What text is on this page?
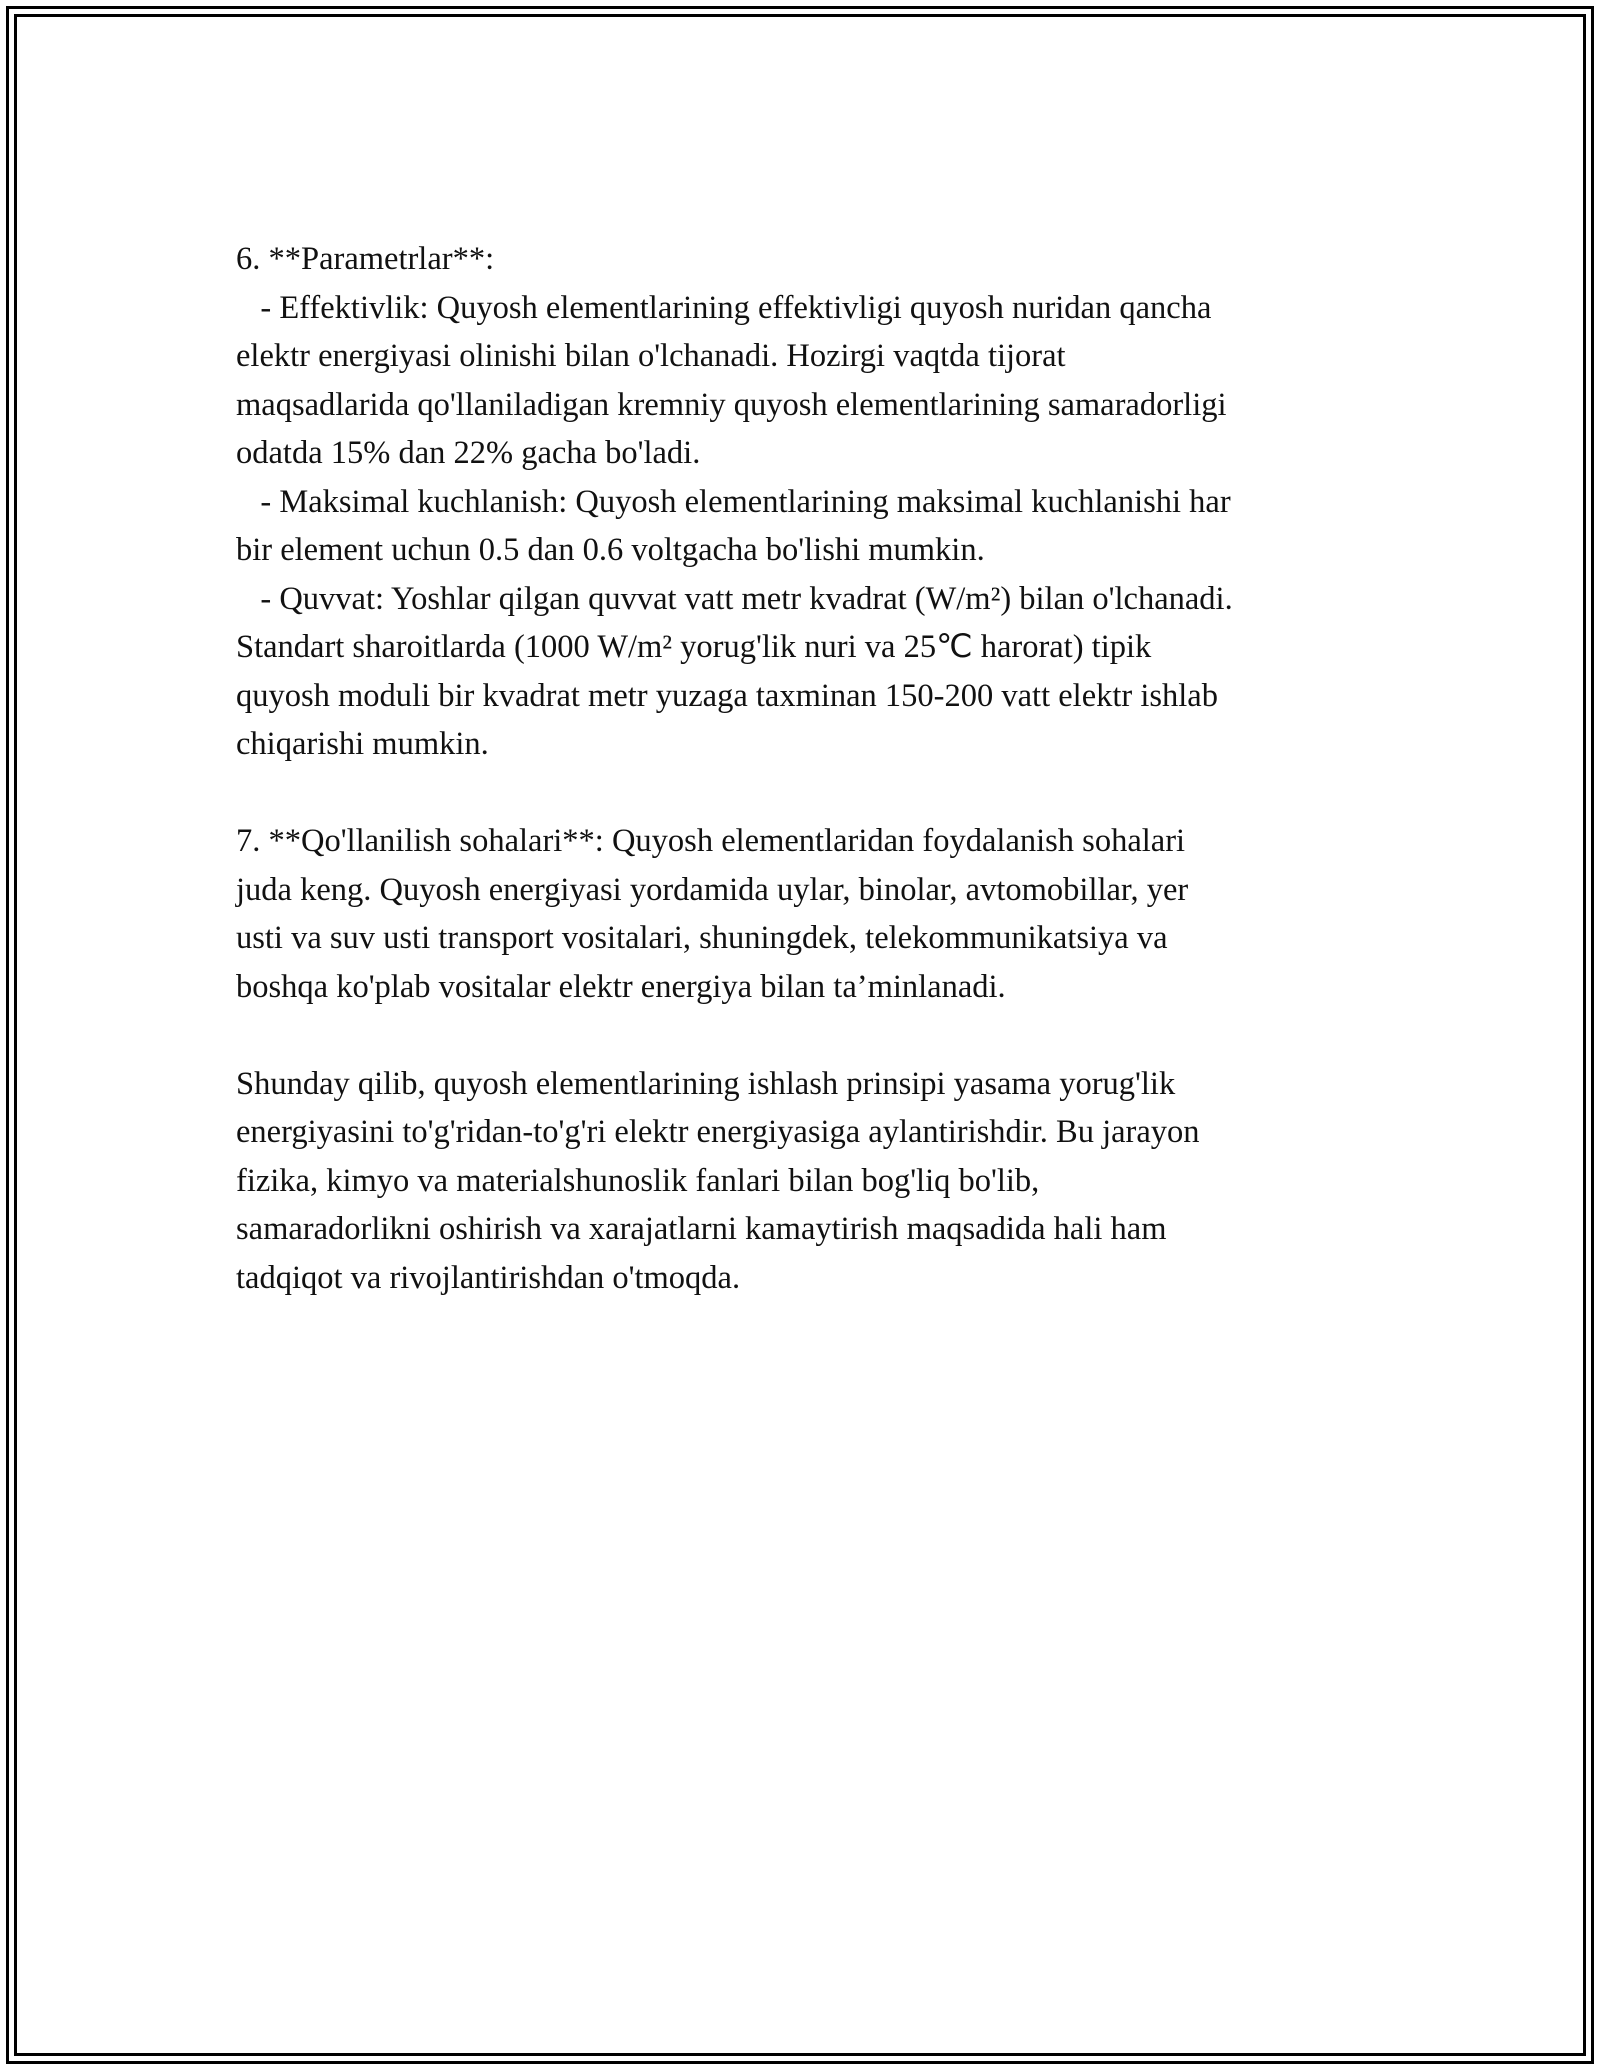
6. **Parametrlar**:

- Effektivlik: Quyosh elementlarining effektivligi quyosh nuridan qancha

elektr energiyasi olinishi bilan o'lchanadi. Hozirgi vaqtda tijorat

maqsadlarida qo'llaniladigan kremniy quyosh elementlarining samaradorligi

odatda 15% dan 22% gacha bo'ladi.

- Maksimal kuchlanish: Quyosh elementlarining maksimal kuchlanishi har

bir element uchun 0.5 dan 0.6 voltgacha bo'lishi mumkin.

- Quvvat: Yoshlar qilgan quvvat vatt metr kvadrat (W/m²) bilan o'lchanadi.

Standart sharoitlarda (1000 W/m² yorug'lik nuri va 25℃ harorat) tipik

quyosh moduli bir kvadrat metr yuzaga taxminan 150-200 vatt elektr ishlab

chiqarishi mumkin.

7. **Qo'llanilish sohalari**: Quyosh elementlaridan foydalanish sohalari

juda keng. Quyosh energiyasi yordamida uylar, binolar, avtomobillar, yer

usti va suv usti transport vositalari, shuningdek, telekommunikatsiya va

boshqa ko'plab vositalar elektr energiya bilan ta’minlanadi.

Shunday qilib, quyosh elementlarining ishlash prinsipi yasama yorug'lik

energiyasini to'g'ridan-to'g'ri elektr energiyasiga aylantirishdir. Bu jarayon

fizika, kimyo va materialshunoslik fanlari bilan bog'liq bo'lib,

samaradorlikni oshirish va xarajatlarni kamaytirish maqsadida hali ham

tadqiqot va rivojlantirishdan o'tmoqda.
